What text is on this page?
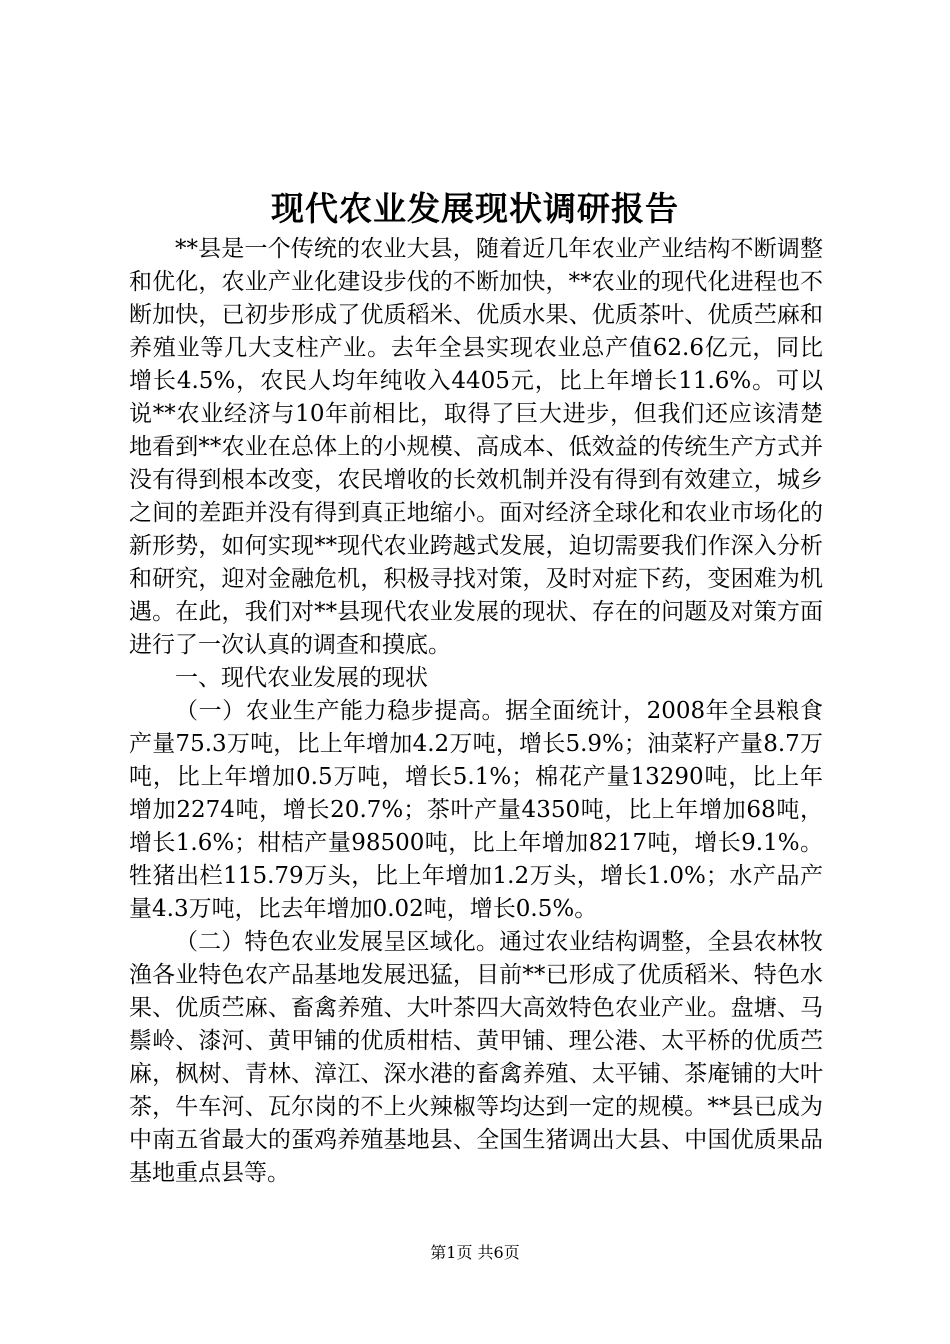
现代农业发展现状调研报告

**县是一个传统的农业大县，随着近几年农业产业结构不断调整和优化，农业产业化建设步伐的不断加快，**农业的现代化进程也不断加快，已初步形成了优质稻米、优质水果、优质茶叶、优质苎麻和养殖业等几大支柱产业。去年全县实现农业总产值62.6亿元，同比增长4.5%，农民人均年纯收入4405元，比上年增长11.6%。可以说**农业经济与10年前相比，取得了巨大进步，但我们还应该清楚地看到**农业在总体上的小规模、高成本、低效益的传统生产方式并没有得到根本改变，农民增收的长效机制并没有得到有效建立，城乡之间的差距并没有得到真正地缩小。面对经济全球化和农业市场化的新形势，如何实现**现代农业跨越式发展，迫切需要我们作深入分析和研究，迎对金融危机，积极寻找对策，及时对症下药，变困难为机遇。在此，我们对**县现代农业发展的现状、存在的问题及对策方面进行了一次认真的调查和摸底。

一、现代农业发展的现状

（一）农业生产能力稳步提高。据全面统计，2008年全县粮食产量75.3万吨，比上年增加4.2万吨，增长5.9%；油菜籽产量8.7万吨，比上年增加0.5万吨，增长5.1%；棉花产量13290吨，比上年增加2274吨，增长20.7%；茶叶产量4350吨，比上年增加68吨，增长1.6%；柑桔产量98500吨，比上年增加8217吨，增长9.1%。牲猪出栏115.79万头，比上年增加1.2万头，增长1.0%；水产品产量4.3万吨，比去年增加0.02吨，增长0.5%。

（二）特色农业发展呈区域化。通过农业结构调整，全县农林牧渔各业特色农产品基地发展迅猛，目前**已形成了优质稻米、特色水果、优质苎麻、畜禽养殖、大叶茶四大高效特色农业产业。盘塘、马鬃岭、漆河、黄甲铺的优质柑桔、黄甲铺、理公港、太平桥的优质苎麻，枫树、青林、漳江、深水港的畜禽养殖、太平铺、茶庵铺的大叶茶，牛车河、瓦尔岗的不上火辣椒等均达到一定的规模。**县已成为中南五省最大的蛋鸡养殖基地县、全国生猪调出大县、中国优质果品基地重点县等。

第1页 共6页
